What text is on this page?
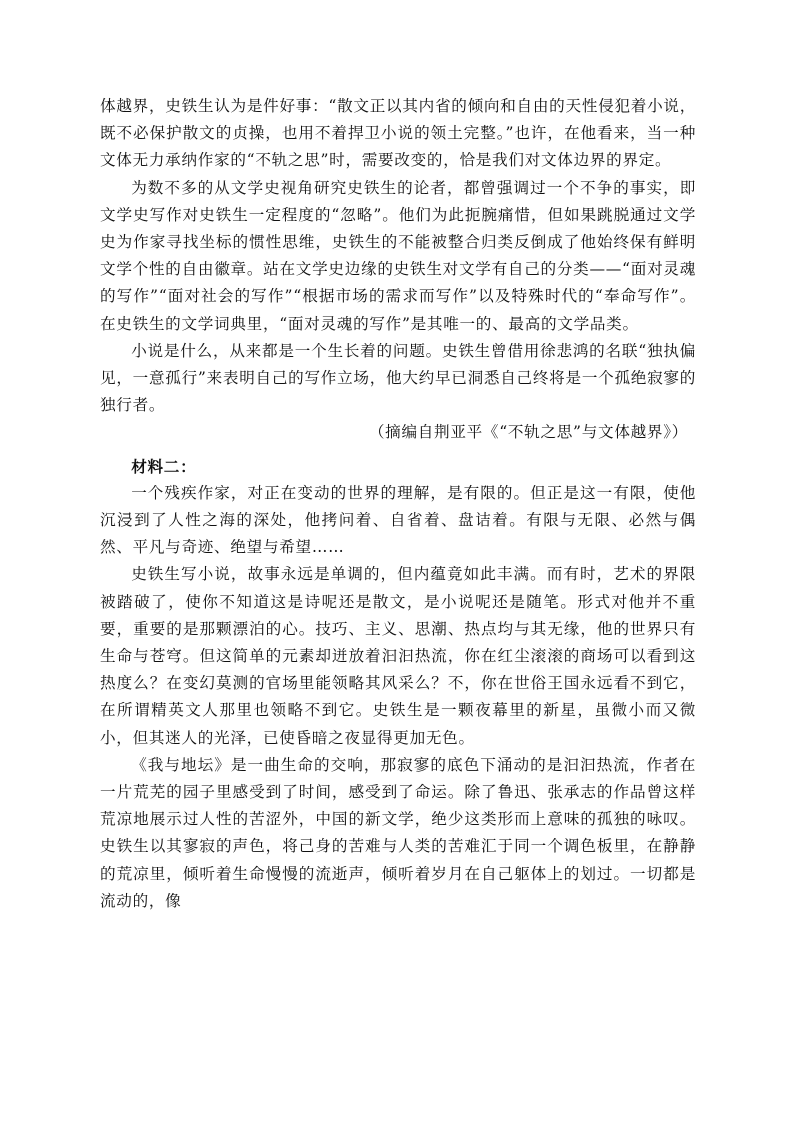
体越界，史铁生认为是件好事：“散文正以其内省的倾向和自由的天性侵犯着小说，既不必保护散文的贞操，也用不着捍卫小说的领土完整。”也许，在他看来，当一种文体无力承纳作家的“不轨之思”时，需要改变的，恰是我们对文体边界的界定。

为数不多的从文学史视角研究史铁生的论者，都曾强调过一个不争的事实，即文学史写作对史铁生一定程度的“忽略”。他们为此扼腕痛惜，但如果跳脱通过文学史为作家寻找坐标的惯性思维，史铁生的不能被整合归类反倒成了他始终保有鲜明文学个性的自由徽章。站在文学史边缘的史铁生对文学有自己的分类——“面对灵魂的写作”“面对社会的写作”“根据市场的需求而写作”以及特殊时代的“奉命写作”。在史铁生的文学词典里，“面对灵魂的写作”是其唯一的、最高的文学品类。

小说是什么，从来都是一个生长着的问题。史铁生曾借用徐悲鸿的名联“独执偏见，一意孤行”来表明自己的写作立场，他大约早已洞悉自己终将是一个孤绝寂寥的独行者。

（摘编自荆亚平《“不轨之思”与文体越界》）

材料二：

一个残疾作家，对正在变动的世界的理解，是有限的。但正是这一有限，使他沉浸到了人性之海的深处，他拷问着、自省着、盘诘着。有限与无限、必然与偶然、平凡与奇迹、绝望与希望……

史铁生写小说，故事永远是单调的，但内蕴竟如此丰满。而有时，艺术的界限被踏破了，使你不知道这是诗呢还是散文，是小说呢还是随笔。形式对他并不重要，重要的是那颗漂泊的心。技巧、主义、思潮、热点均与其无缘，他的世界只有生命与苍穹。但这简单的元素却迸放着汩汩热流，你在红尘滚滚的商场可以看到这热度么？在变幻莫测的官场里能领略其风采么？不，你在世俗王国永远看不到它，在所谓精英文人那里也领略不到它。史铁生是一颗夜幕里的新星，虽微小而又微小，但其迷人的光泽，已使昏暗之夜显得更加无色。

《我与地坛》是一曲生命的交响，那寂寥的底色下涌动的是汩汩热流，作者在一片荒芜的园子里感受到了时间，感受到了命运。除了鲁迅、张承志的作品曾这样荒凉地展示过人性的苦涩外，中国的新文学，绝少这类形而上意味的孤独的咏叹。史铁生以其寥寂的声色，将己身的苦难与人类的苦难汇于同一个调色板里，在静静的荒凉里，倾听着生命慢慢的流逝声，倾听着岁月在自己躯体上的划过。一切都是流动的，像
